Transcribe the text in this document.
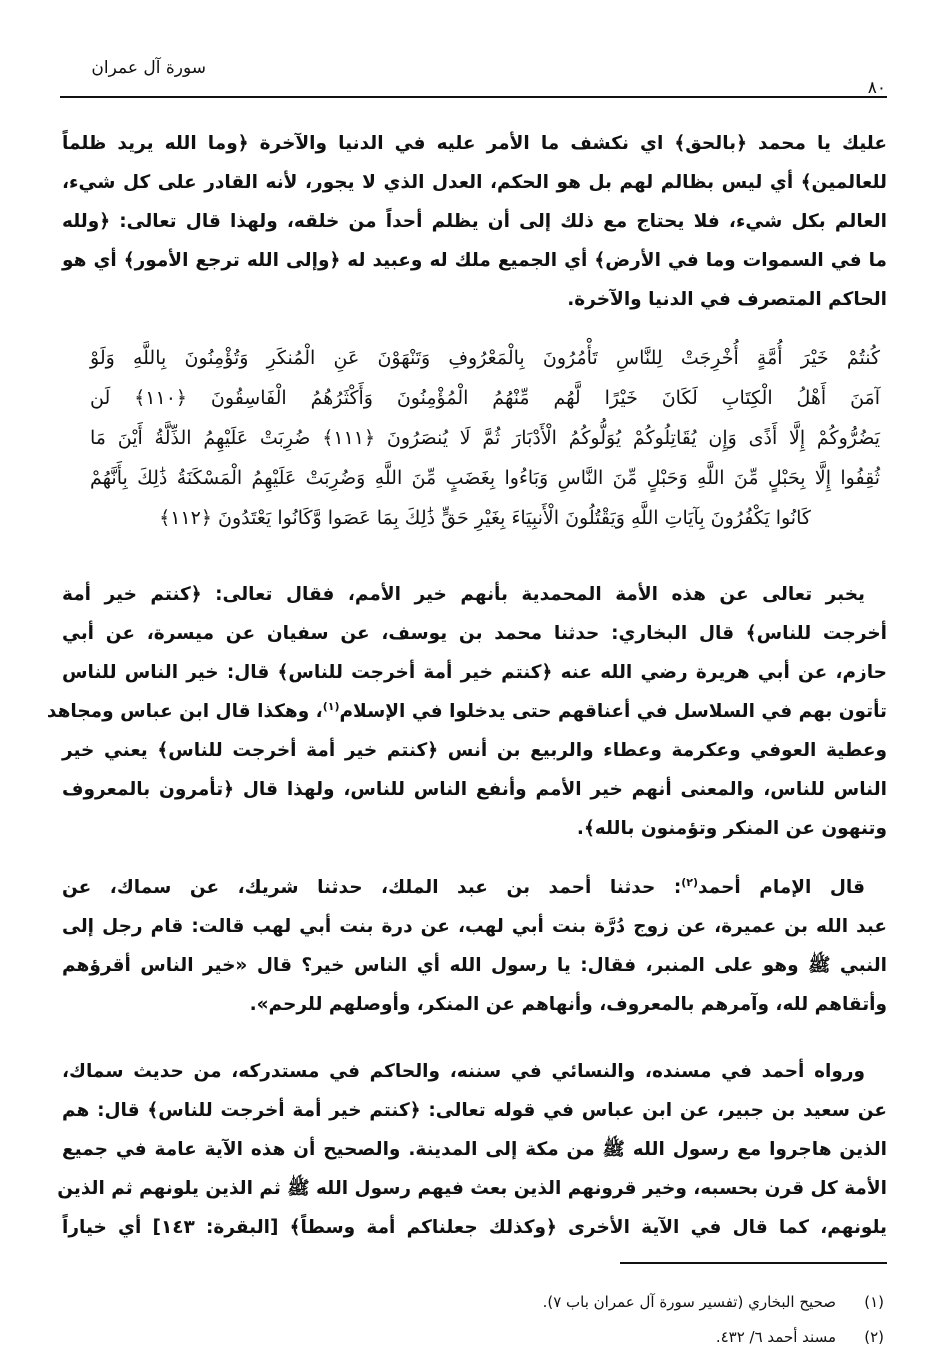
سورة آل عمران
٨٠
عليك يا محمد ﴿بالحق﴾ اي نكشف ما الأمر عليه في الدنيا والآخرة ﴿وما الله يريد ظلماً
للعالمين﴾ أي ليس بظالم لهم بل هو الحكم، العدل الذي لا يجور، لأنه القادر على كل شيء،
العالم بكل شيء، فلا يحتاج مع ذلك إلى أن يظلم أحداً من خلقه، ولهذا قال تعالى: ﴿ولله
ما في السموات وما في الأرض﴾ أي الجميع ملك له وعبيد له ﴿وإلى الله ترجع الأمور﴾ أي هو
الحاكم المتصرف في الدنيا والآخرة.
كُنتُمْ خَيْرَ أُمَّةٍ أُخْرِجَتْ لِلنَّاسِ تَأْمُرُونَ بِالْمَعْرُوفِ وَتَنْهَوْنَ عَنِ الْمُنكَرِ وَتُؤْمِنُونَ بِاللَّهِ وَلَوْ
آمَنَ أَهْلُ الْكِتَابِ لَكَانَ خَيْرًا لَّهُم مِّنْهُمُ الْمُؤْمِنُونَ وَأَكْثَرُهُمُ الْفَاسِقُونَ ﴿١١٠﴾ لَن
يَضُرُّوكُمْ إِلَّا أَذًى وَإِن يُقَاتِلُوكُمْ يُوَلُّوكُمُ الْأَدْبَارَ ثُمَّ لَا يُنصَرُونَ ﴿١١١﴾ ضُرِبَتْ عَلَيْهِمُ الذِّلَّةُ أَيْنَ مَا
ثُقِفُوا إِلَّا بِحَبْلٍ مِّنَ اللَّهِ وَحَبْلٍ مِّنَ النَّاسِ وَبَاءُوا بِغَضَبٍ مِّنَ اللَّهِ وَضُرِبَتْ عَلَيْهِمُ الْمَسْكَنَةُ ذَٰلِكَ بِأَنَّهُمْ
كَانُوا يَكْفُرُونَ بِآيَاتِ اللَّهِ وَيَقْتُلُونَ الْأَنبِيَاءَ بِغَيْرِ حَقٍّ ذَٰلِكَ بِمَا عَصَوا وَّكَانُوا يَعْتَدُونَ ﴿١١٢﴾
يخبر تعالى عن هذه الأمة المحمدية بأنهم خير الأمم، فقال تعالى: ﴿كنتم خير أمة
أخرجت للناس﴾ قال البخاري: حدثنا محمد بن يوسف، عن سفيان عن ميسرة، عن أبي
حازم، عن أبي هريرة رضي الله عنه ﴿كنتم خير أمة أخرجت للناس﴾ قال: خير الناس للناس
تأتون بهم في السلاسل في أعناقهم حتى يدخلوا في الإسلام$^{(١)}$، وهكذا قال ابن عباس ومجاهد
وعطية العوفي وعكرمة وعطاء والربيع بن أنس ﴿كنتم خير أمة أخرجت للناس﴾ يعني خير
الناس للناس، والمعنى أنهم خير الأمم وأنفع الناس للناس، ولهذا قال ﴿تأمرون بالمعروف
وتنهون عن المنكر وتؤمنون بالله﴾.
قال الإمام أحمد$^{(٢)}$: حدثنا أحمد بن عبد الملك، حدثنا شريك، عن سماك، عن
عبد الله بن عميرة، عن زوج دُرَّة بنت أبي لهب، عن درة بنت أبي لهب قالت: قام رجل إلى
النبي ﷺ وهو على المنبر، فقال: يا رسول الله أي الناس خير؟ قال «خير الناس أقرؤهم
وأتقاهم لله، وآمرهم بالمعروف، وأنهاهم عن المنكر، وأوصلهم للرحم».
ورواه أحمد في مسنده، والنسائي في سننه، والحاكم في مستدركه، من حديث سماك،
عن سعيد بن جبير، عن ابن عباس في قوله تعالى: ﴿كنتم خير أمة أخرجت للناس﴾ قال: هم
الذين هاجروا مع رسول الله ﷺ من مكة إلى المدينة. والصحيح أن هذه الآية عامة في جميع
الأمة كل قرن بحسبه، وخير قرونهم الذين بعث فيهم رسول الله ﷺ ثم الذين يلونهم ثم الذين
يلونهم، كما قال في الآية الأخرى ﴿وكذلك جعلناكم أمة وسطاً﴾ [البقرة: ١٤٣] أي خياراً
(١)صحيح البخاري (تفسير سورة آل عمران باب ٧).
(٢)مسند أحمد ٦/ ٤٣٢.
